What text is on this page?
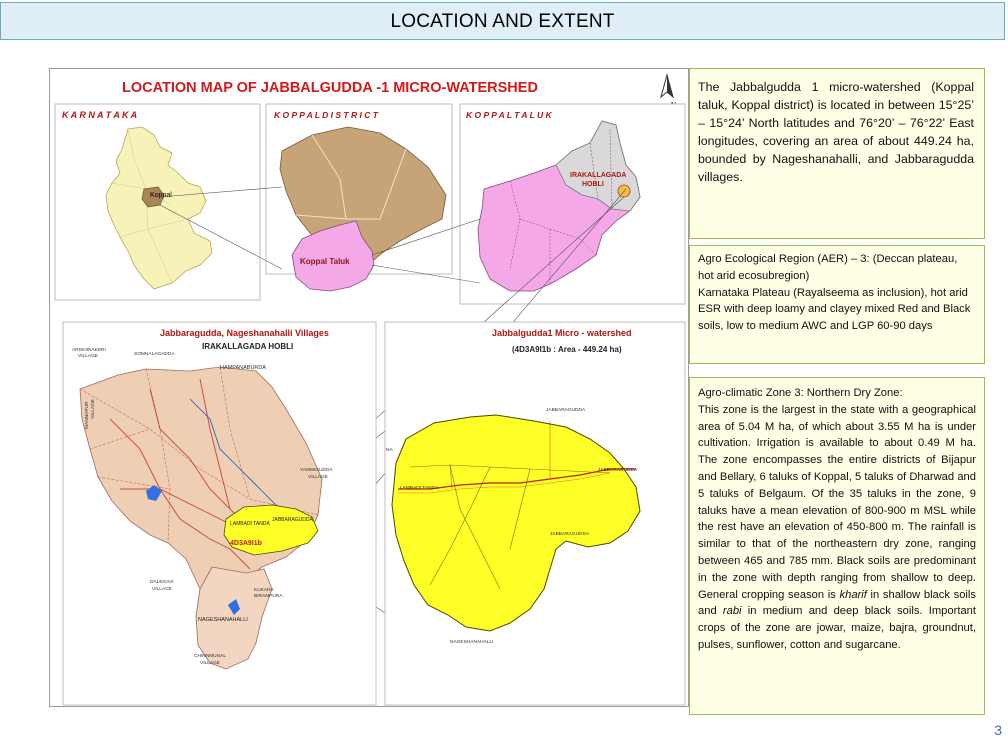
LOCATION AND EXTENT
LOCATION MAP OF JABBALGUDDA -1 MICRO-WATERSHED
K A R N A T A K A
Koppal
K O P P A L D I S T R I C T
Koppal Taluk
K O P P A L T A L U K
IRAKALLAGADA
HOBLI
Jabbaragudda, Nageshanahalli Villages
IRAKALLAGADA HOBLI
ARISHINAKERI
VILLAGE	SOMNALAGADDA
HAMPANABURDA
YAMMIGUDDA
VILLAGE
LAMBADI TANDA
JABBARAGUDDA
4D3A9I1b
KUKARA
BIRAMPURA
DALEGAVI
VILLAGE
NAGESHANAHALLI
CHINNMUNAL
VILLAGE
MANNAPUR VILLAGE
Jabbalgudda1 Micro - watershed
(4D3A9I1b : Area - 449.24 ha)
JABBARAGUDDA
LAMBADI TANDA
JABBARAGUDDA
JABBARAGUDDA
NAGESHANAHALLI
NA

The Jabbalgudda 1 micro-watershed (Koppal taluk, Koppal district) is located in between 15°25’ – 15°24’ North latitudes and 76°20’ – 76°22’ East longitudes, covering an area of about 449.24 ha, bounded by Nageshanahalli, and Jabbaragudda villages.

Agro Ecological Region (AER) – 3: (Deccan plateau, hot arid ecosubregion)

Karnataka Plateau (Rayalseema as inclusion), hot arid ESR with deep loamy and clayey mixed Red and Black soils, low to medium AWC and LGP 60-90 days

Agro-climatic Zone 3: Northern Dry Zone:

This zone is the largest in the state with a geographical area of 5.04 M ha, of which about 3.55 M ha is under cultivation. Irrigation is available to about 0.49 M ha. The zone encompasses the entire districts of Bijapur and Bellary, 6 taluks of Koppal, 5 taluks of Dharwad and 5 taluks of Belgaum. Of the 35 taluks in the zone, 9 taluks have a mean elevation of 800-900 m MSL while the rest have an elevation of 450-800 m. The rainfall is similar to that of the northeastern dry zone, ranging between 465 and 785 mm. Black soils are predominant in the zone with depth ranging from shallow to deep. General cropping season is kharif in shallow black soils and rabi in medium and deep black soils. Important crops of the zone are jowar, maize, bajra, groundnut, pulses, sunflower, cotton and sugarcane.

3
